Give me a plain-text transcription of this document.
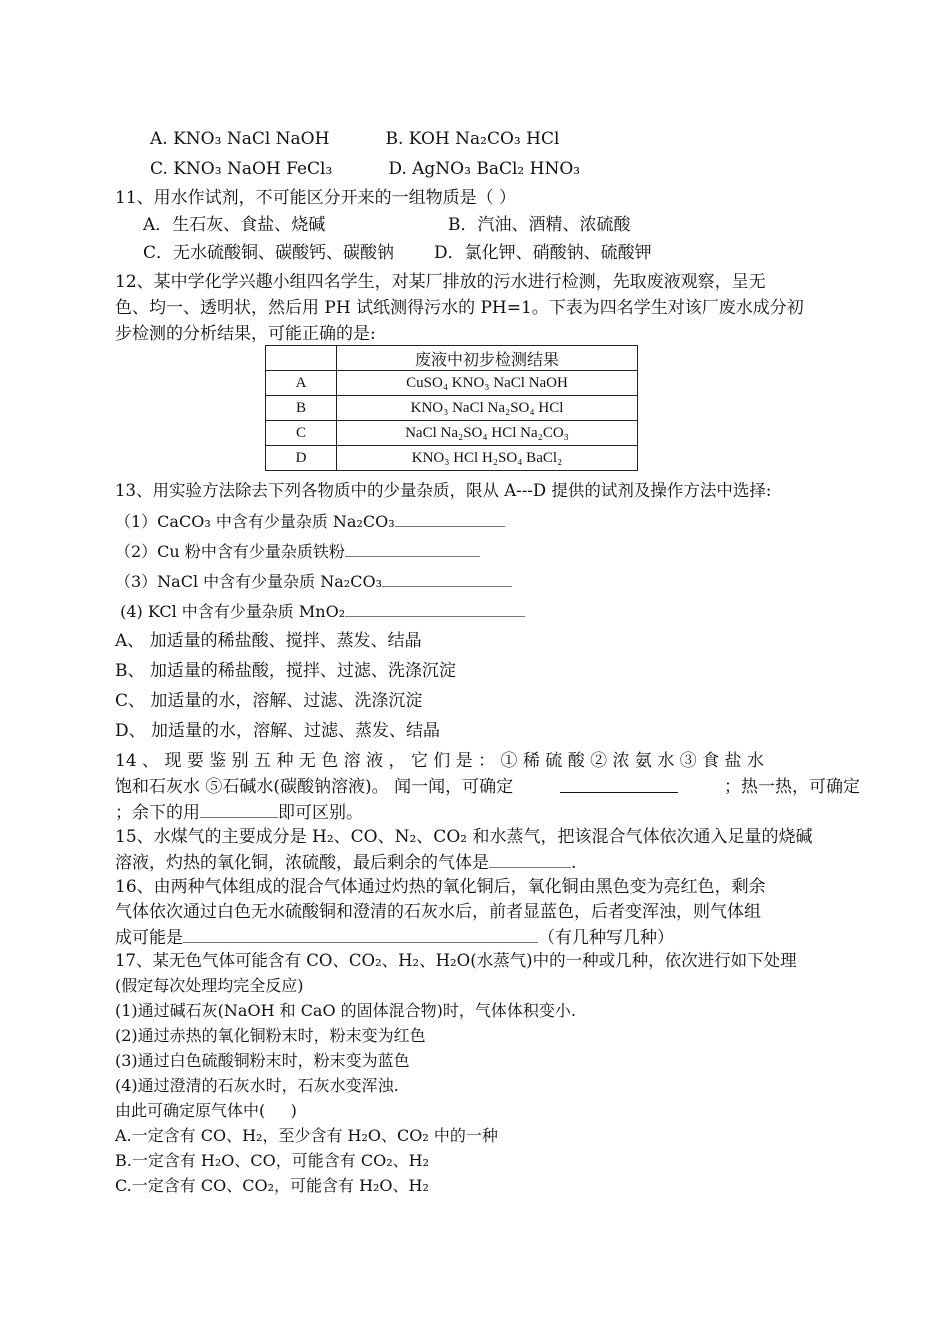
A. KNO₃ NaCl NaOH	B. KOH Na₂CO₃ HCl
C. KNO₃ NaOH FeCl₃	D. AgNO₃ BaCl₂ HNO₃
11、用水作试剂，不可能区分开来的一组物质是（ ）
A．生石灰、食盐、烧碱	B．汽油、酒精、浓硫酸
C．无水硫酸铜、碳酸钙、碳酸钠 D．氯化钾、硝酸钠、硫酸钾
12、某中学化学兴趣小组四名学生，对某厂排放的污水进行检测，先取废液观察，呈无
色、均一、透明状，然后用 PH 试纸测得污水的 PH=1。下表为四名学生对该厂废水成分初
步检测的分析结果，可能正确的是:
	废液中初步检测结果
A	CuSO₄ KNO₃ NaCl NaOH
B	KNO₃ NaCl Na₂SO₄ HCl
C	NaCl Na₂SO₄ HCl Na₂CO₃
D	KNO₃ HCl H₂SO₄ BaCl₂
13、用实验方法除去下列各物质中的少量杂质，限从 A---D 提供的试剂及操作方法中选择:
（1）CaCO₃ 中含有少量杂质 Na₂CO₃
（2）Cu 粉中含有少量杂质铁粉
（3）NaCl 中含有少量杂质 Na₂CO₃
(4) KCl 中含有少量杂质 MnO₂
A、 加适量的稀盐酸、搅拌、蒸发、结晶
B、 加适量的稀盐酸，搅拌、过滤、洗涤沉淀
C、 加适量的水，溶解、过滤、洗涤沉淀
D、 加适量的水，溶解、过滤、蒸发、结晶
14 、 现 要 鉴 别 五 种 无 色 溶 液 ， 它 们 是 ： ① 稀 硫 酸 ② 浓 氨 水 ③ 食 盐 水
饱和石灰水 ⑤石碱水(碳酸钠溶液)。 闻一闻，可确定	；热一热，可确定
；余下的用	即可区别。
15、水煤气的主要成分是 H₂、CO、N₂、CO₂ 和水蒸气，把该混合气体依次通入足量的烧碱
溶液，灼热的氧化铜，浓硫酸，最后剩余的气体是	.
16、由两种气体组成的混合气体通过灼热的氧化铜后，氧化铜由黑色变为亮红色，剩余
气体依次通过白色无水硫酸铜和澄清的石灰水后，前者显蓝色，后者变浑浊，则气体组
成可能是	（有几种写几种）
17、某无色气体可能含有 CO、CO₂、H₂、H₂O(水蒸气)中的一种或几种，依次进行如下处理
(假定每次处理均完全反应)
(1)通过碱石灰(NaOH 和 CaO 的固体混合物)时，气体体积变小.
(2)通过赤热的氧化铜粉末时，粉末变为红色
(3)通过白色硫酸铜粉末时，粉末变为蓝色
(4)通过澄清的石灰水时，石灰水变浑浊.
由此可确定原气体中(     )
A.一定含有 CO、H₂，至少含有 H₂O、CO₂ 中的一种
B.一定含有 H₂O、CO，可能含有 CO₂、H₂
C.一定含有 CO、CO₂，可能含有 H₂O、H₂
